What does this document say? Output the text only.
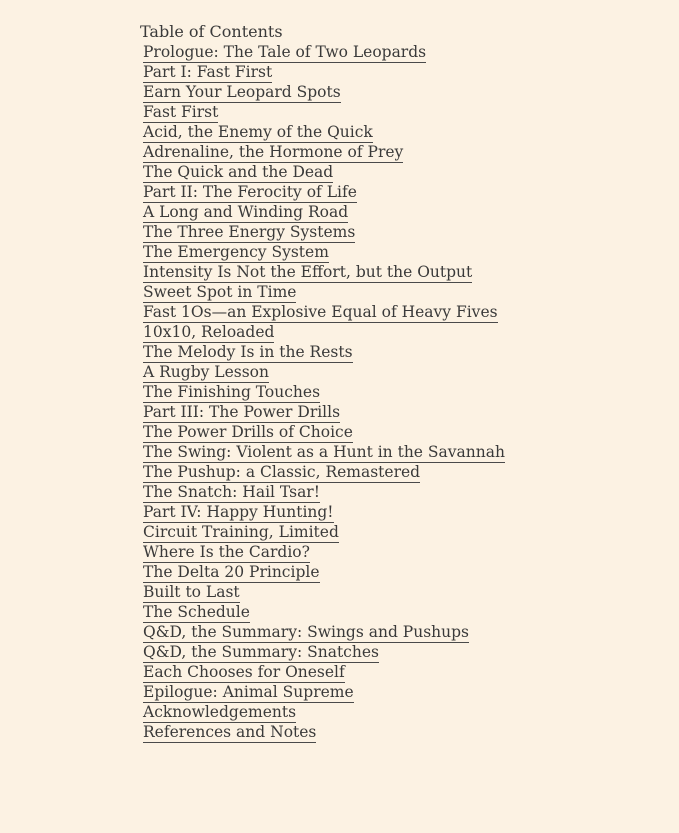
Table of Contents
Prologue: The Tale of Two Leopards
Part I: Fast First
Earn Your Leopard Spots
Fast First
Acid, the Enemy of the Quick
Adrenaline, the Hormone of Prey
The Quick and the Dead
Part II: The Ferocity of Life
A Long and Winding Road
The Three Energy Systems
The Emergency System
Intensity Is Not the Effort, but the Output
Sweet Spot in Time
Fast 1Os—an Explosive Equal of Heavy Fives
10x10, Reloaded
The Melody Is in the Rests
A Rugby Lesson
The Finishing Touches
Part III: The Power Drills
The Power Drills of Choice
The Swing: Violent as a Hunt in the Savannah
The Pushup: a Classic, Remastered
The Snatch: Hail Tsar!
Part IV: Happy Hunting!
Circuit Training, Limited
Where Is the Cardio?
The Delta 20 Principle
Built to Last
The Schedule
Q&D, the Summary: Swings and Pushups
Q&D, the Summary: Snatches
Each Chooses for Oneself
Epilogue: Animal Supreme
Acknowledgements
References and Notes
